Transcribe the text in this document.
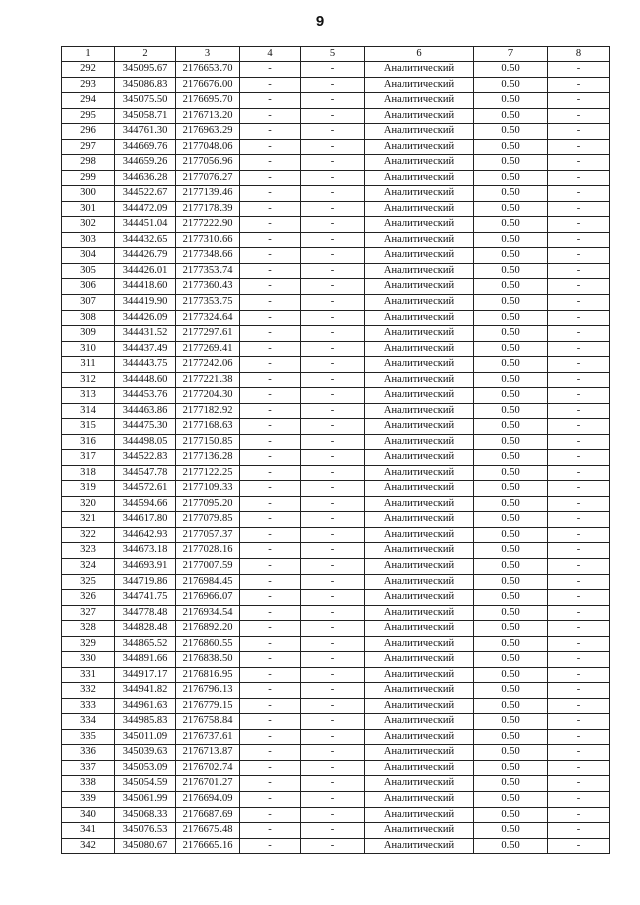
9
1	2	3	4	5	6	7	8
292	345095.67	2176653.70	-	-	Аналитический	0.50	-
293	345086.83	2176676.00	-	-	Аналитический	0.50	-
294	345075.50	2176695.70	-	-	Аналитический	0.50	-
295	345058.71	2176713.20	-	-	Аналитический	0.50	-
296	344761.30	2176963.29	-	-	Аналитический	0.50	-
297	344669.76	2177048.06	-	-	Аналитический	0.50	-
298	344659.26	2177056.96	-	-	Аналитический	0.50	-
299	344636.28	2177076.27	-	-	Аналитический	0.50	-
300	344522.67	2177139.46	-	-	Аналитический	0.50	-
301	344472.09	2177178.39	-	-	Аналитический	0.50	-
302	344451.04	2177222.90	-	-	Аналитический	0.50	-
303	344432.65	2177310.66	-	-	Аналитический	0.50	-
304	344426.79	2177348.66	-	-	Аналитический	0.50	-
305	344426.01	2177353.74	-	-	Аналитический	0.50	-
306	344418.60	2177360.43	-	-	Аналитический	0.50	-
307	344419.90	2177353.75	-	-	Аналитический	0.50	-
308	344426.09	2177324.64	-	-	Аналитический	0.50	-
309	344431.52	2177297.61	-	-	Аналитический	0.50	-
310	344437.49	2177269.41	-	-	Аналитический	0.50	-
311	344443.75	2177242.06	-	-	Аналитический	0.50	-
312	344448.60	2177221.38	-	-	Аналитический	0.50	-
313	344453.76	2177204.30	-	-	Аналитический	0.50	-
314	344463.86	2177182.92	-	-	Аналитический	0.50	-
315	344475.30	2177168.63	-	-	Аналитический	0.50	-
316	344498.05	2177150.85	-	-	Аналитический	0.50	-
317	344522.83	2177136.28	-	-	Аналитический	0.50	-
318	344547.78	2177122.25	-	-	Аналитический	0.50	-
319	344572.61	2177109.33	-	-	Аналитический	0.50	-
320	344594.66	2177095.20	-	-	Аналитический	0.50	-
321	344617.80	2177079.85	-	-	Аналитический	0.50	-
322	344642.93	2177057.37	-	-	Аналитический	0.50	-
323	344673.18	2177028.16	-	-	Аналитический	0.50	-
324	344693.91	2177007.59	-	-	Аналитический	0.50	-
325	344719.86	2176984.45	-	-	Аналитический	0.50	-
326	344741.75	2176966.07	-	-	Аналитический	0.50	-
327	344778.48	2176934.54	-	-	Аналитический	0.50	-
328	344828.48	2176892.20	-	-	Аналитический	0.50	-
329	344865.52	2176860.55	-	-	Аналитический	0.50	-
330	344891.66	2176838.50	-	-	Аналитический	0.50	-
331	344917.17	2176816.95	-	-	Аналитический	0.50	-
332	344941.82	2176796.13	-	-	Аналитический	0.50	-
333	344961.63	2176779.15	-	-	Аналитический	0.50	-
334	344985.83	2176758.84	-	-	Аналитический	0.50	-
335	345011.09	2176737.61	-	-	Аналитический	0.50	-
336	345039.63	2176713.87	-	-	Аналитический	0.50	-
337	345053.09	2176702.74	-	-	Аналитический	0.50	-
338	345054.59	2176701.27	-	-	Аналитический	0.50	-
339	345061.99	2176694.09	-	-	Аналитический	0.50	-
340	345068.33	2176687.69	-	-	Аналитический	0.50	-
341	345076.53	2176675.48	-	-	Аналитический	0.50	-
342	345080.67	2176665.16	-	-	Аналитический	0.50	-
